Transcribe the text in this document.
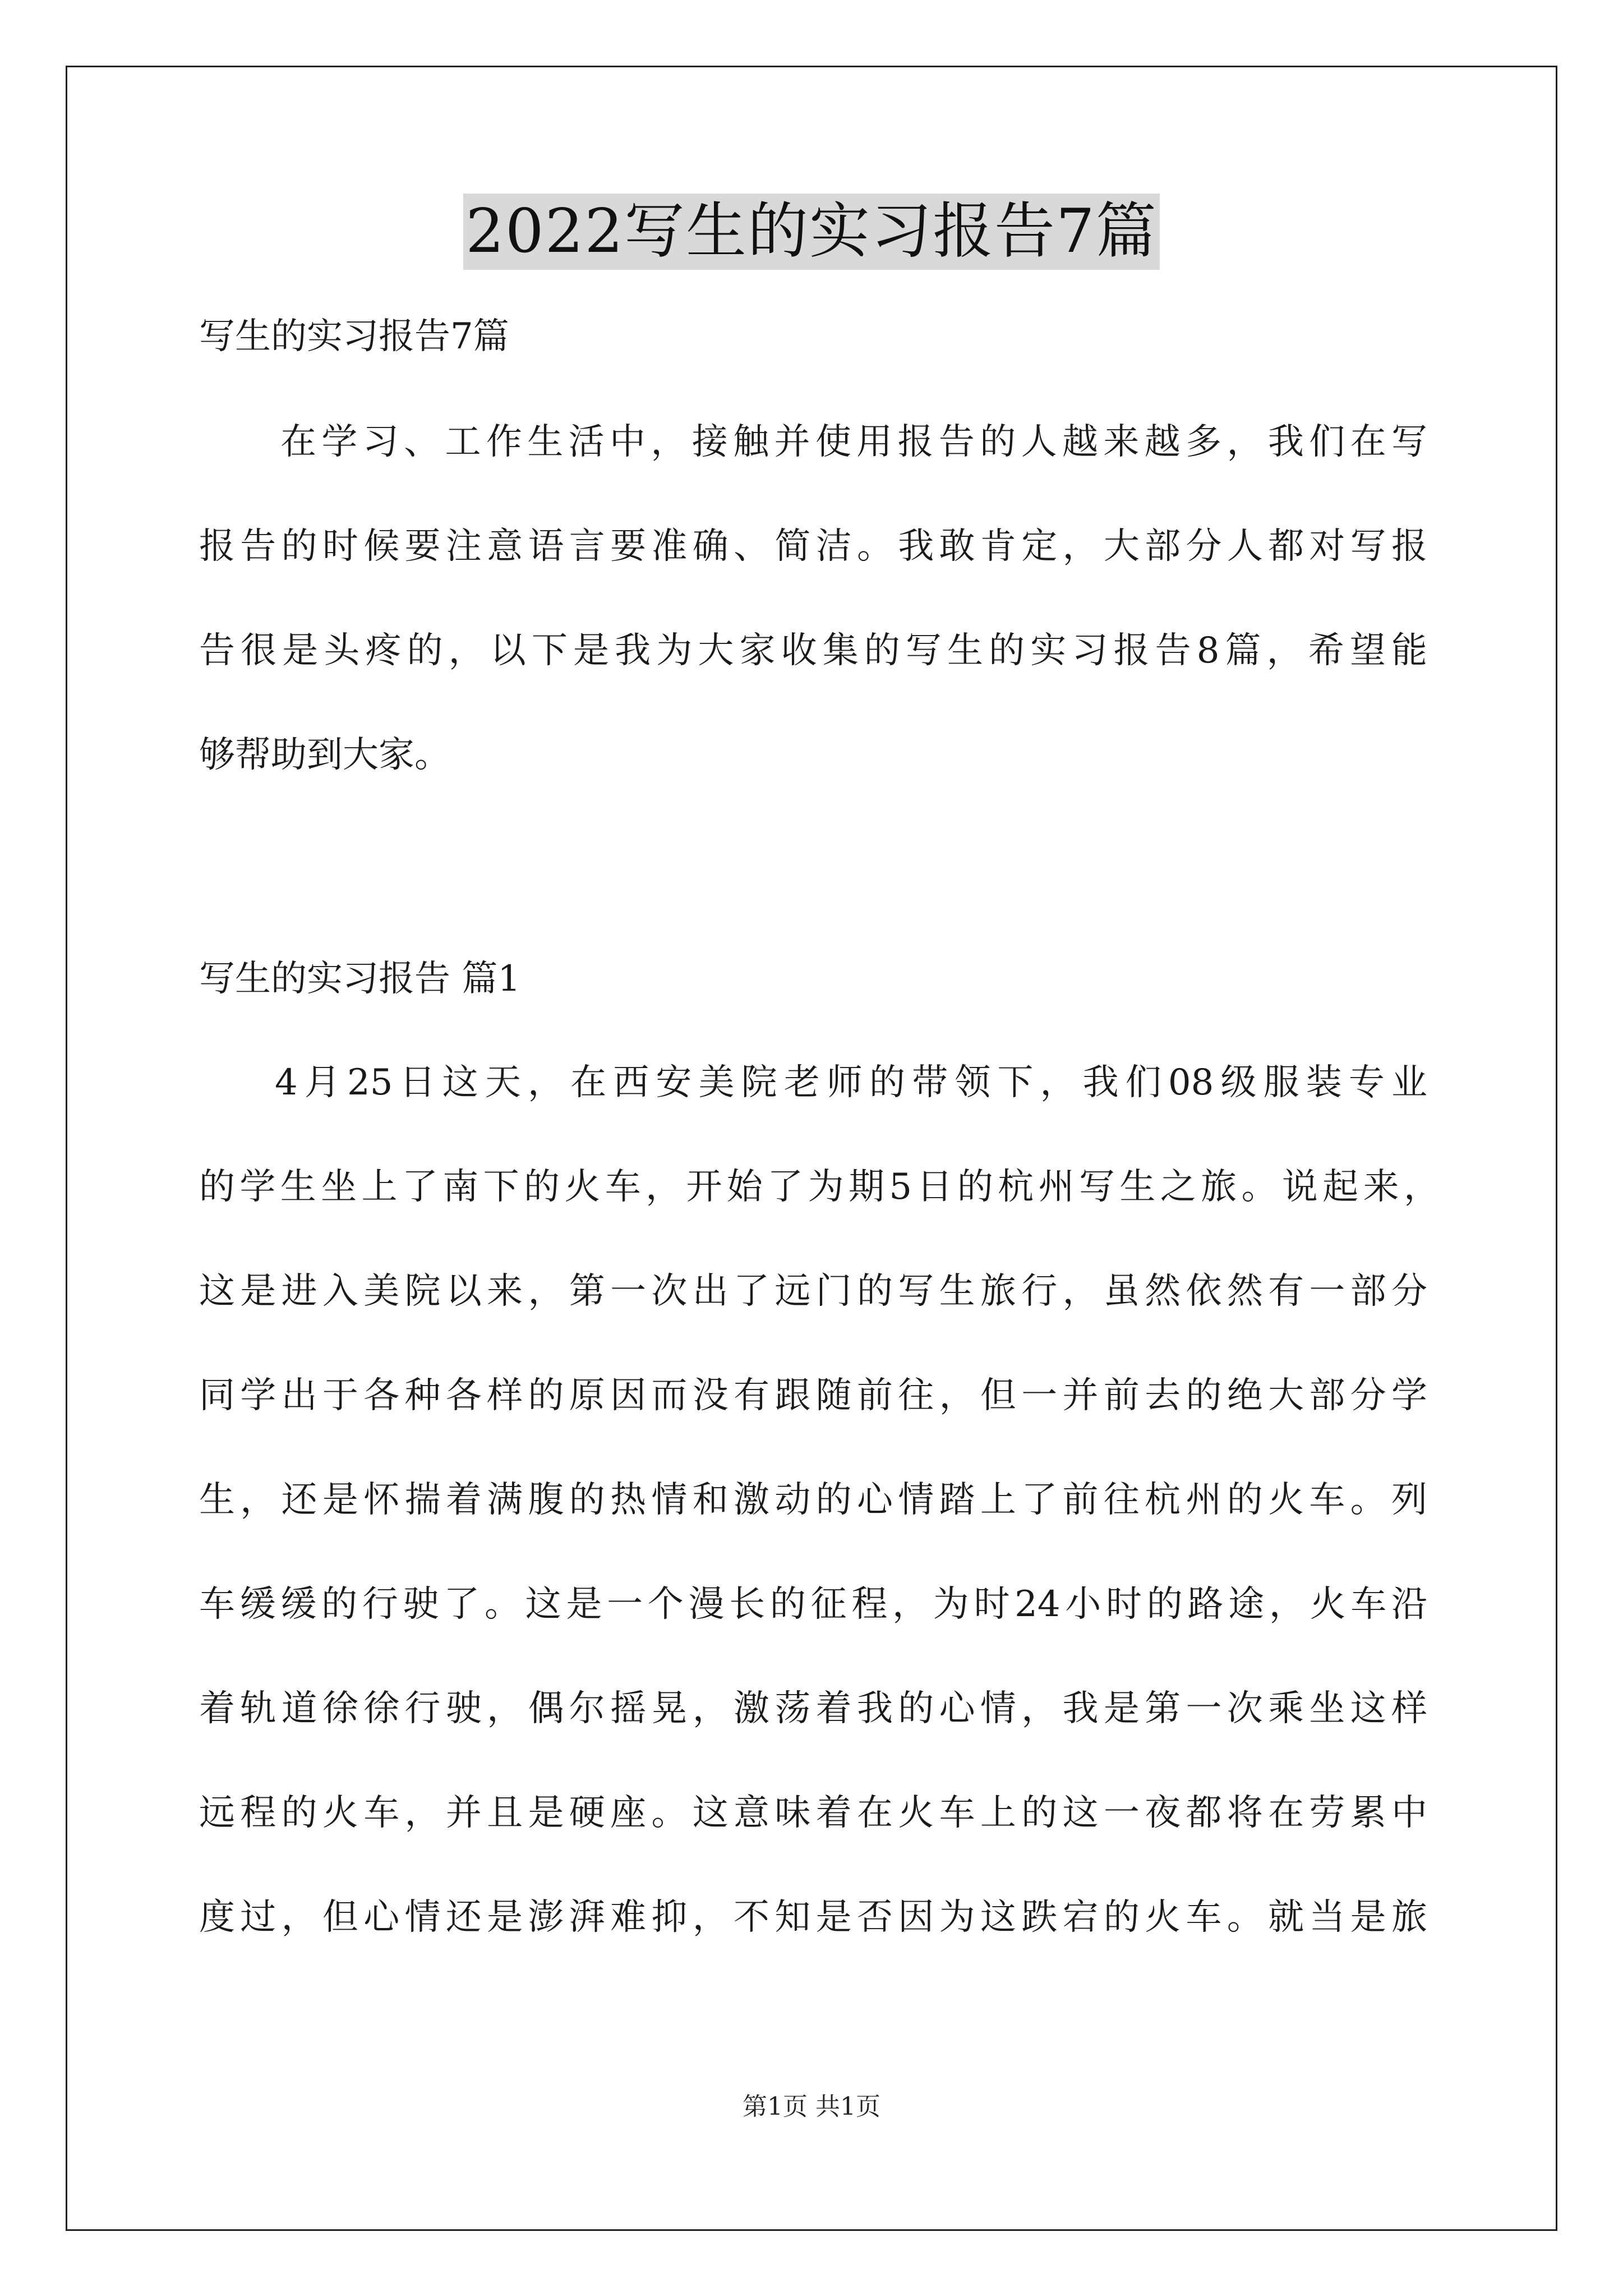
2022写生的实习报告7篇
写生的实习报告7篇
在学习、工作生活中，接触并使用报告的人越来越多，我们在写
报告的时候要注意语言要准确、简洁。我敢肯定，大部分人都对写报
告很是头疼的，以下是我为大家收集的写生的实习报告8篇，希望能
够帮助到大家。
写生的实习报告 篇1
4月25日这天，在西安美院老师的带领下，我们08级服装专业
的学生坐上了南下的火车，开始了为期5日的杭州写生之旅。说起来，
这是进入美院以来，第一次出了远门的写生旅行，虽然依然有一部分
同学出于各种各样的原因而没有跟随前往，但一并前去的绝大部分学
生，还是怀揣着满腹的热情和激动的心情踏上了前往杭州的火车。列
车缓缓的行驶了。这是一个漫长的征程，为时24小时的路途，火车沿
着轨道徐徐行驶，偶尔摇晃，激荡着我的心情，我是第一次乘坐这样
远程的火车，并且是硬座。这意味着在火车上的这一夜都将在劳累中
度过，但心情还是澎湃难抑，不知是否因为这跌宕的火车。就当是旅
第1页 共1页
